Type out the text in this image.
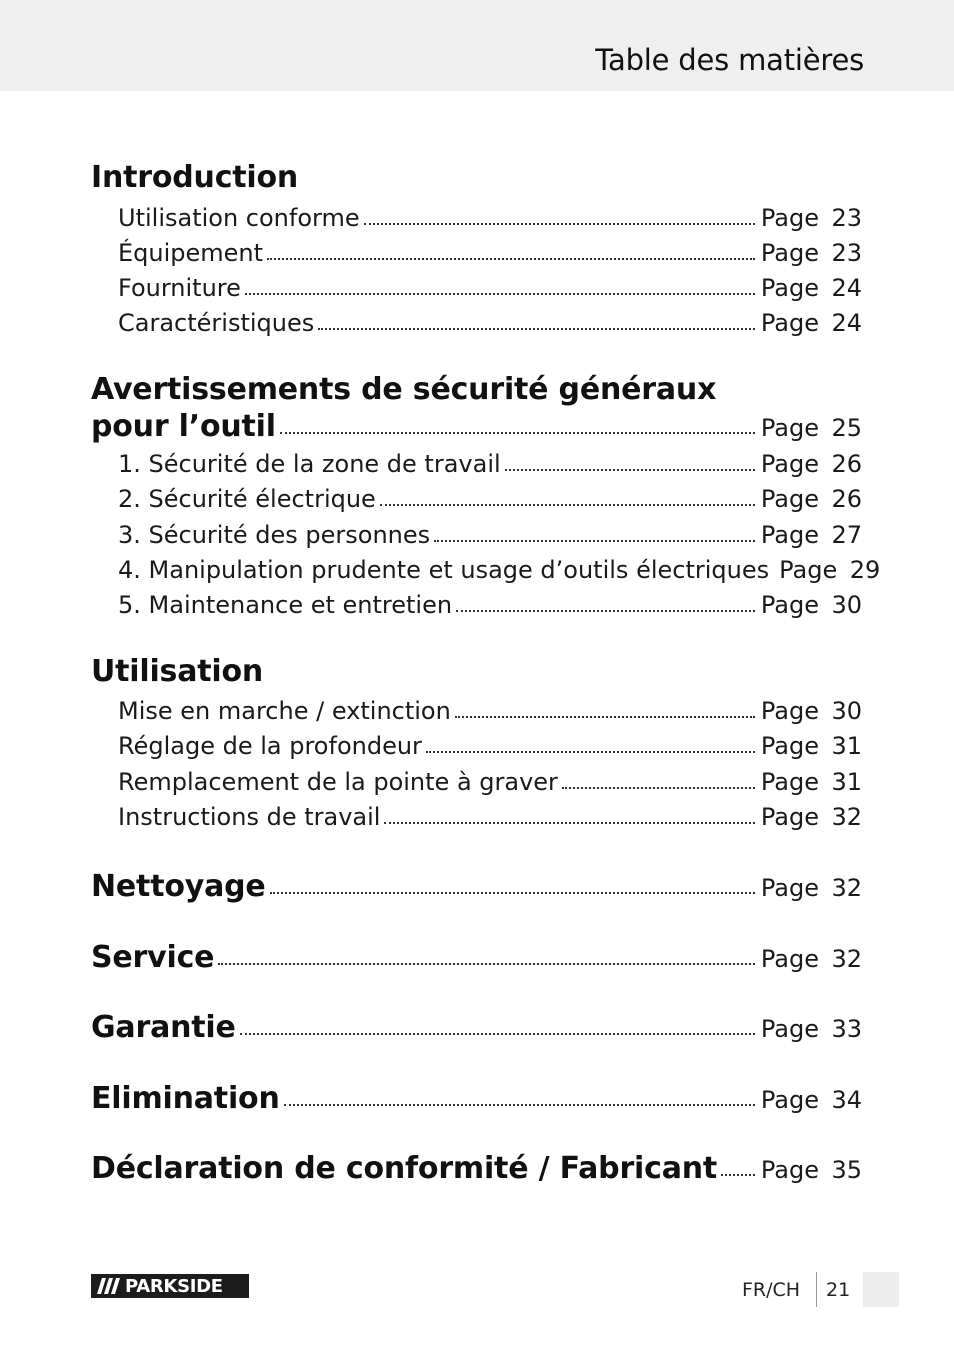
Table des matières
Introduction
Utilisation conforme	Page 23
Équipement	Page 23
Fourniture	Page 24
Caractéristiques	Page 24
Avertissements de sécurité généraux
pour l’outil	Page 25
1. Sécurité de la zone de travail	Page 26
2. Sécurité électrique	Page 26
3. Sécurité des personnes	Page 27
4. Manipulation prudente et usage d’outils électriques Page 29
5. Maintenance et entretien	Page 30
Utilisation
Mise en marche / extinction	Page 30
Réglage de la profondeur	Page 31
Remplacement de la pointe à graver	Page 31
Instructions de travail	Page 32
Nettoyage	Page 32
Service	Page 32
Garantie	Page 33
Elimination	Page 34
Déclaration de conformité / Fabricant Page 35
PARKSIDE	FR/CH 21
